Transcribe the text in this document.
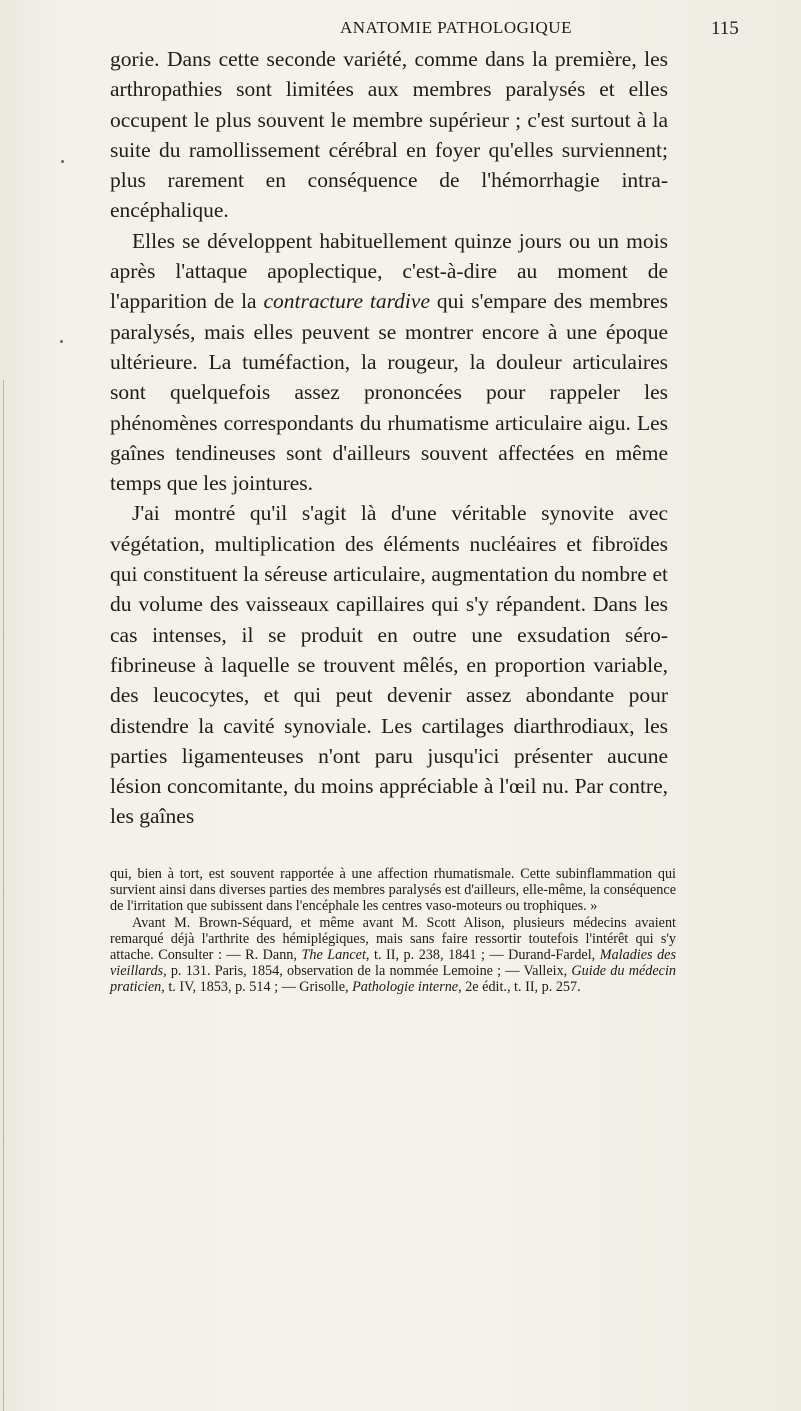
ANATOMIE PATHOLOGIQUE	115

gorie. Dans cette seconde variété, comme dans la première, les arthropathies sont limitées aux membres paralysés et elles occupent le plus souvent le membre supérieur ; c'est surtout à la suite du ramollissement cérébral en foyer qu'elles surviennent; plus rarement en conséquence de l'hémorrhagie intra-encéphalique.

Elles se développent habituellement quinze jours ou un mois après l'attaque apoplectique, c'est-à-dire au moment de l'apparition de la contracture tardive qui s'empare des membres paralysés, mais elles peuvent se montrer encore à une époque ultérieure. La tuméfaction, la rougeur, la douleur articulaires sont quelquefois assez prononcées pour rappeler les phénomènes correspondants du rhumatisme articulaire aigu. Les gaînes tendineuses sont d'ailleurs souvent affectées en même temps que les jointures.

J'ai montré qu'il s'agit là d'une véritable synovite avec végétation, multiplication des éléments nucléaires et fibroïdes qui constituent la séreuse articulaire, augmentation du nombre et du volume des vaisseaux capillaires qui s'y répandent. Dans les cas intenses, il se produit en outre une exsudation séro-fibrineuse à laquelle se trouvent mêlés, en proportion variable, des leucocytes, et qui peut devenir assez abondante pour distendre la cavité synoviale. Les cartilages diarthrodiaux, les parties ligamenteuses n'ont paru jusqu'ici présenter aucune lésion concomitante, du moins appréciable à l'œil nu. Par contre, les gaînes

qui, bien à tort, est souvent rapportée à une affection rhumatismale. Cette subinflammation qui survient ainsi dans diverses parties des membres paralysés est d'ailleurs, elle-même, la conséquence de l'irritation que subissent dans l'encéphale les centres vaso-moteurs ou trophiques. »

Avant M. Brown-Séquard, et même avant M. Scott Alison, plusieurs médecins avaient remarqué déjà l'arthrite des hémiplégiques, mais sans faire ressortir toutefois l'intérêt qui s'y attache. Consulter : — R. Dann, The Lancet, t. II, p. 238, 1841 ; — Durand-Fardel, Maladies des vieillards, p. 131. Paris, 1854, observation de la nommée Lemoine ; — Valleix, Guide du médecin praticien, t. IV, 1853, p. 514 ; — Grisolle, Pathologie interne, 2e édit., t. II, p. 257.
